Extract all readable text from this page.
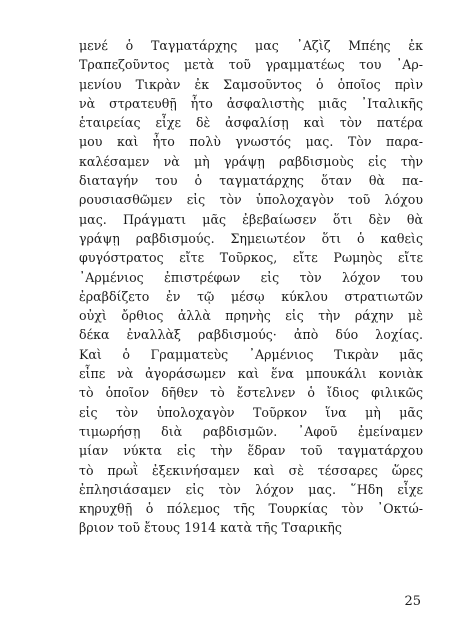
μενέ ὁ Ταγματάρχης μας ᾿Αζὶζ Μπέης ἐκ
Τραπεζοῦντος μετὰ τοῦ γραμματέως του ᾿Αρ-
μενίου Τικρὰν ἐκ Σαμσοῦντος ὁ ὁποῖος πρὶν
νὰ στρατευθῇ ἦτο ἀσφαλιστὴς μιᾶς ᾿Ιταλικῆς
ἑταιρείας εἶχε δὲ ἀσφαλίσῃ καὶ τὸν πατέρα
μου καὶ ἦτο πολὺ γνωστός μας. Τὸν παρα-
καλέσαμεν νὰ μὴ γράψῃ ραβδισμοὺς εἰς τὴν
διαταγήν του ὁ ταγματάρχης ὅταν θὰ πα-
ρουσιασθῶμεν εἰς τὸν ὑπολοχαγὸν τοῦ λόχου
μας. Πράγματι μᾶς ἐβεβαίωσεν ὅτι δὲν θὰ
γράψῃ ραβδισμούς. Σημειωτέον ὅτι ὁ καθεὶς
φυγόστρατος εἴτε Τοῦρκος, εἴτε Ρωμηὸς εἴτε
᾿Αρμένιος ἐπιστρέφων εἰς τὸν λόχον του
ἐραβδίζετο ἐν τῷ μέσῳ κύκλου στρατιωτῶν
οὐχὶ ὄρθιος ἀλλὰ πρηνὴς εἰς τὴν ράχην μὲ
δέκα ἐναλλὰξ ραβδισμούς· ἀπὸ δύο λοχίας.
Καὶ ὁ Γραμματεὺς ᾿Αρμένιος Τικρὰν μᾶς
εἶπε νὰ ἀγοράσωμεν καὶ ἕνα μπουκάλι κονιὰκ
τὸ ὁποῖον δῆθεν τὸ ἔστελνεν ὁ ἴδιος φιλικῶς
εἰς τὸν ὑπολοχαγὸν Τοῦρκον ἵνα μὴ μᾶς
τιμωρήσῃ διὰ ραβδισμῶν. ᾿Αφοῦ ἐμείναμεν
μίαν νύκτα εἰς τὴν ἕδραν τοῦ ταγματάρχου
τὸ πρωῒ ἐξεκινήσαμεν καὶ σὲ τέσσαρες ὥρες
ἐπλησιάσαμεν εἰς τὸν λόχον μας. ῞Ηδη εἶχε
κηρυχθῇ ὁ πόλεμος τῆς Τουρκίας τὸν ᾿Οκτώ-
βριον τοῦ ἔτους 1914 κατὰ τῆς Τσαρικῆς
25
